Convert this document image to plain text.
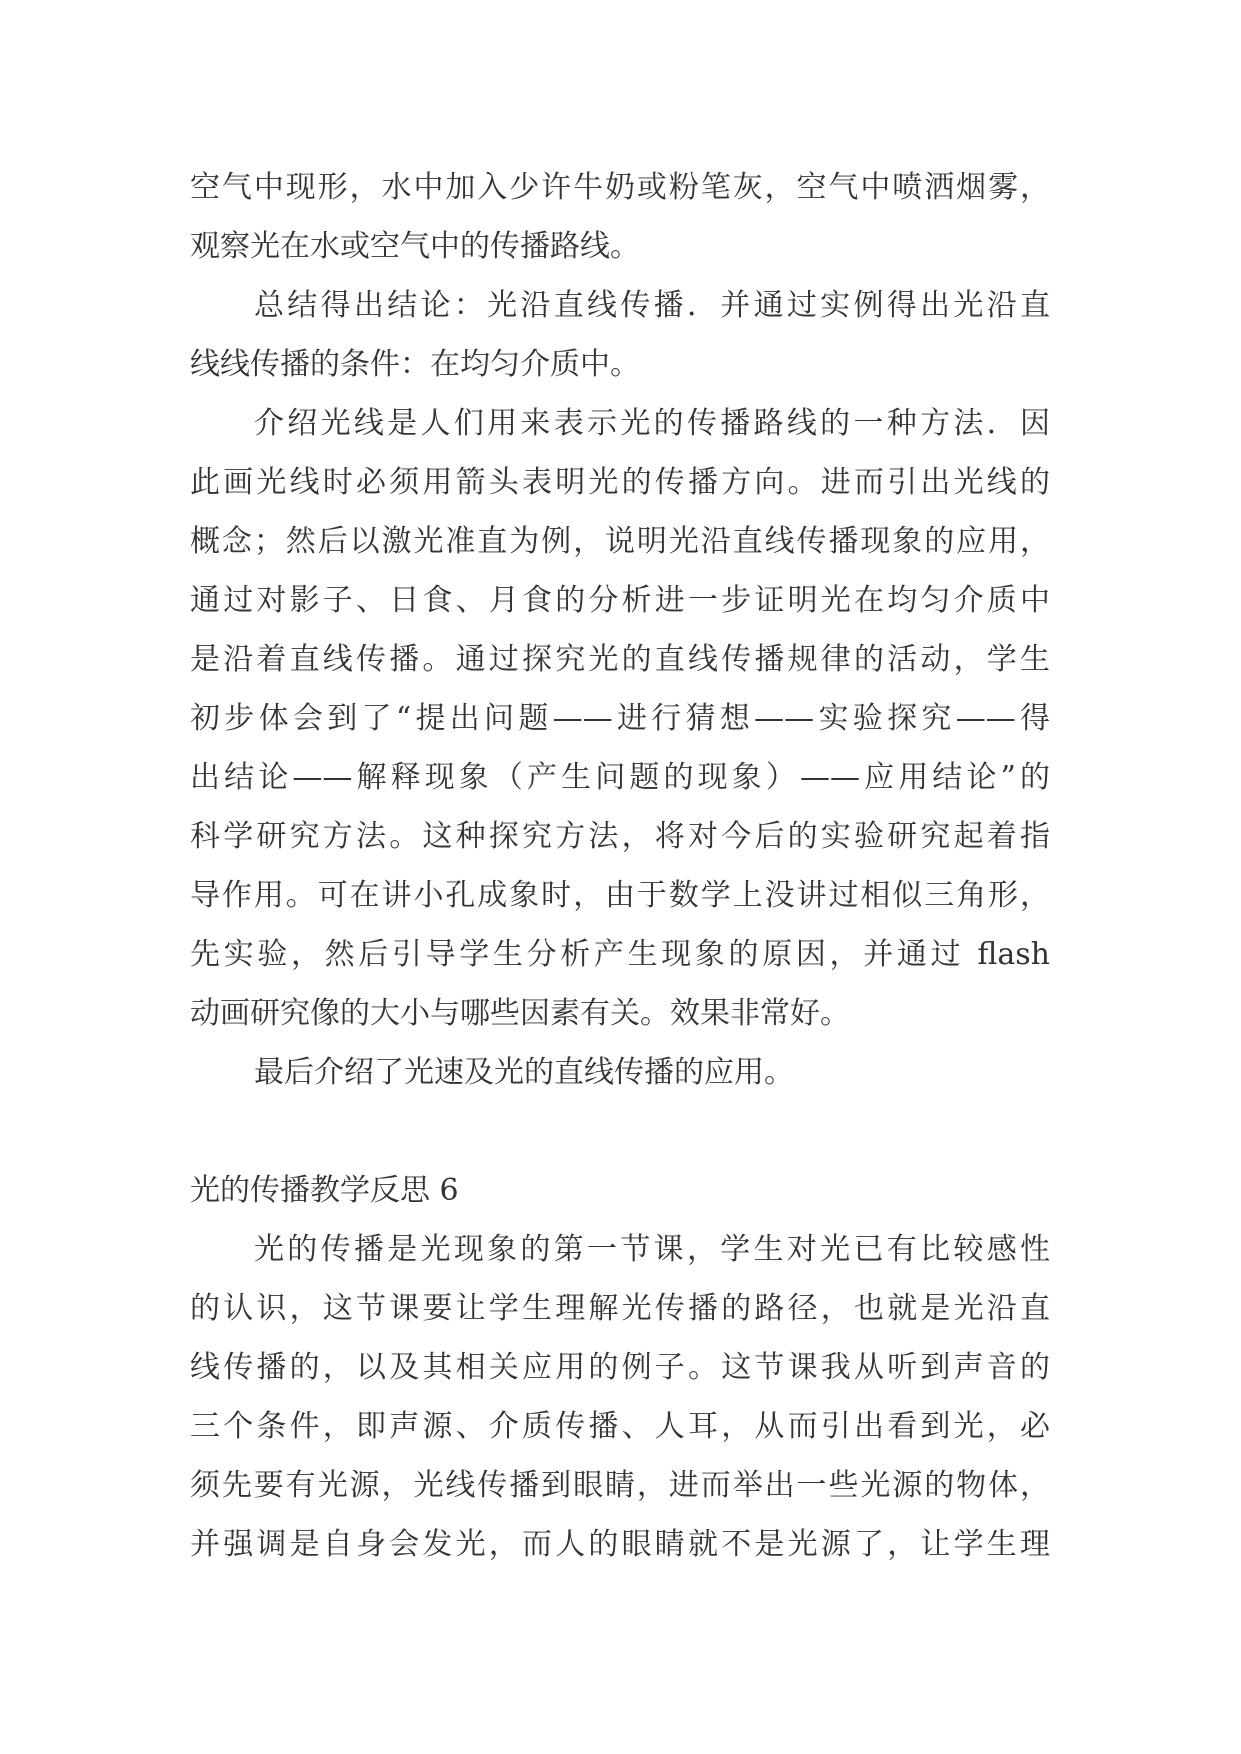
空气中现形，水中加入少许牛奶或粉笔灰，空气中喷洒烟雾，
观察光在水或空气中的传播路线。
总结得出结论：光沿直线传播．并通过实例得出光沿直
线线传播的条件：在均匀介质中。
介绍光线是人们用来表示光的传播路线的一种方法．因
此画光线时必须用箭头表明光的传播方向。进而引出光线的
概念；然后以激光准直为例，说明光沿直线传播现象的应用，
通过对影子、日食、月食的分析进一步证明光在均匀介质中
是沿着直线传播。通过探究光的直线传播规律的活动，学生
初步体会到了“提出问题——进行猜想——实验探究——得
出结论——解释现象（产生问题的现象）——应用结论”的
科学研究方法。这种探究方法，将对今后的实验研究起着指
导作用。可在讲小孔成象时，由于数学上没讲过相似三角形，
先实验，然后引导学生分析产生现象的原因，并通过 flash
动画研究像的大小与哪些因素有关。效果非常好。
最后介绍了光速及光的直线传播的应用。
光的传播教学反思 6
光的传播是光现象的第一节课，学生对光已有比较感性
的认识，这节课要让学生理解光传播的路径，也就是光沿直
线传播的，以及其相关应用的例子。这节课我从听到声音的
三个条件，即声源、介质传播、人耳，从而引出看到光，必
须先要有光源，光线传播到眼睛，进而举出一些光源的物体，
并强调是自身会发光，而人的眼睛就不是光源了，让学生理
